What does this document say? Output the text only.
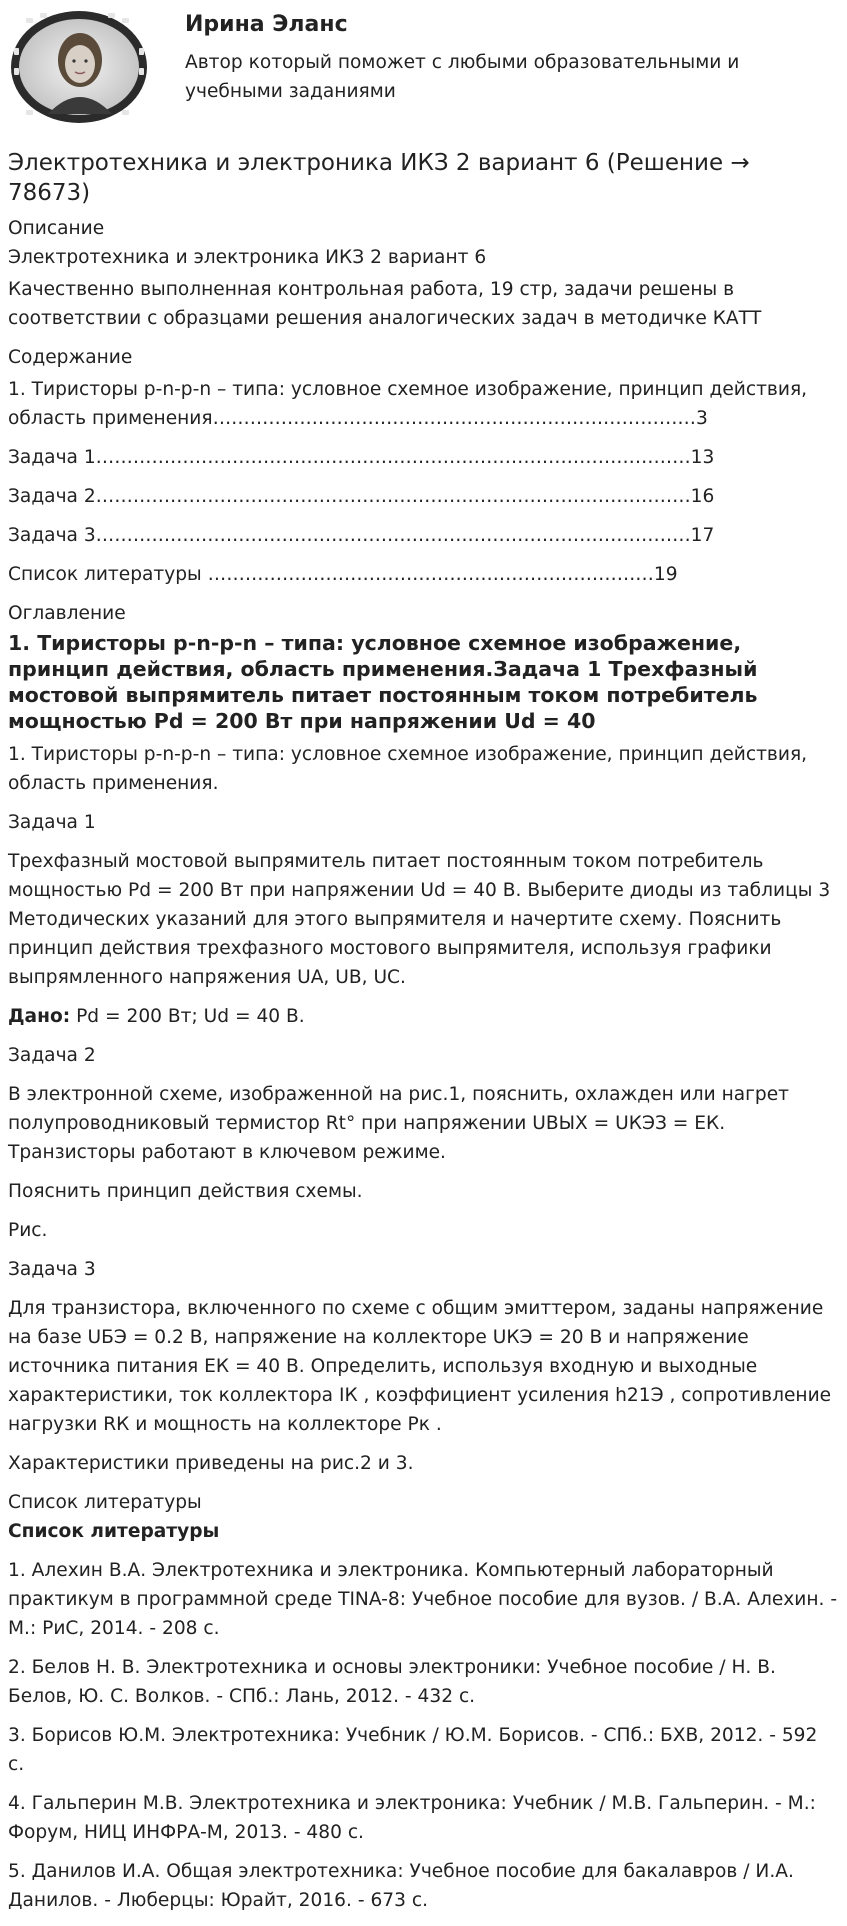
Ирина Эланс
Автор который поможет с любыми образовательными и учебными заданиями
Электротехника и электроника ИКЗ 2 вариант 6 (Решение → 78673)

Описание

Электротехника и электроника ИКЗ 2 вариант 6

Качественно выполненная контрольная работа, 19 стр, задачи решены в соответствии с образцами решения аналогических задач в методичке КАТТ

Содержание

1. Тиристоры p-n-p-n – типа: условное схемное изображение, принцип действия, область применения……………………………………………………………………3

Задача 1……………………………………………………………………………………13

Задача 2……………………………………………………………………………………16

Задача 3……………………………………………………………………………………17

Список литературы ………………………………………………………………19

Оглавление

1. Тиристоры p-n-p-n – типа: условное схемное изображение, принцип действия, область применения.Задача 1 Трехфазный мостовой выпрямитель питает постоянным током потребитель мощностью Pd = 200 Вт при напряжении Ud = 40

1. Тиристоры p-n-p-n – типа: условное схемное изображение, принцип действия, область применения.

Задача 1

Трехфазный мостовой выпрямитель питает постоянным током потребитель мощностью Pd = 200 Вт при напряжении Ud = 40 В. Выберите диоды из таблицы 3 Методических указаний для этого выпрямителя и начертите схему. Пояснить принцип действия трехфазного мостового выпрямителя, используя графики выпрямленного напряжения UA, UB, UC.

Дано: Pd = 200 Вт; Ud = 40 В.

Задача 2

В электронной схеме, изображенной на рис.1, пояснить, охлажден или нагрет полупроводниковый термистор Rt° при напряжении UВЫХ = UКЭЗ = ЕК. Транзисторы работают в ключевом режиме.

Пояснить принцип действия схемы.

Рис.

Задача 3

Для транзистора, включенного по схеме с общим эмиттером, заданы напряжение на базе UБЭ = 0.2 В, напряжение на коллекторе UКЭ = 20 В и напряжение источника питания ЕК = 40 В. Определить, используя входную и выходные характеристики, ток коллектора IК , коэффициент усиления h21Э , сопротивление нагрузки RК и мощность на коллекторе Рк .

Характеристики приведены на рис.2 и 3.

Список литературы

Список литературы

1. Алехин В.А. Электротехника и электроника. Компьютерный лабораторный практикум в программной среде TINA-8: Учебное пособие для вузов. / В.А. Алехин. - М.: РиС, 2014. - 208 с.

2. Белов Н. В. Электротехника и основы электроники: Учебное пособие / Н. В. Белов, Ю. С. Волков. - СПб.: Лань, 2012. - 432 с.

3. Борисов Ю.М. Электротехника: Учебник / Ю.М. Борисов. - СПб.: БХВ, 2012. - 592 с.

4. Гальперин М.В. Электротехника и электроника: Учебник / М.В. Гальперин. - М.: Форум, НИЦ ИНФРА-М, 2013. - 480 с.

5. Данилов И.А. Общая электротехника: Учебное пособие для бакалавров / И.А. Данилов. - Люберцы: Юрайт, 2016. - 673 с.
